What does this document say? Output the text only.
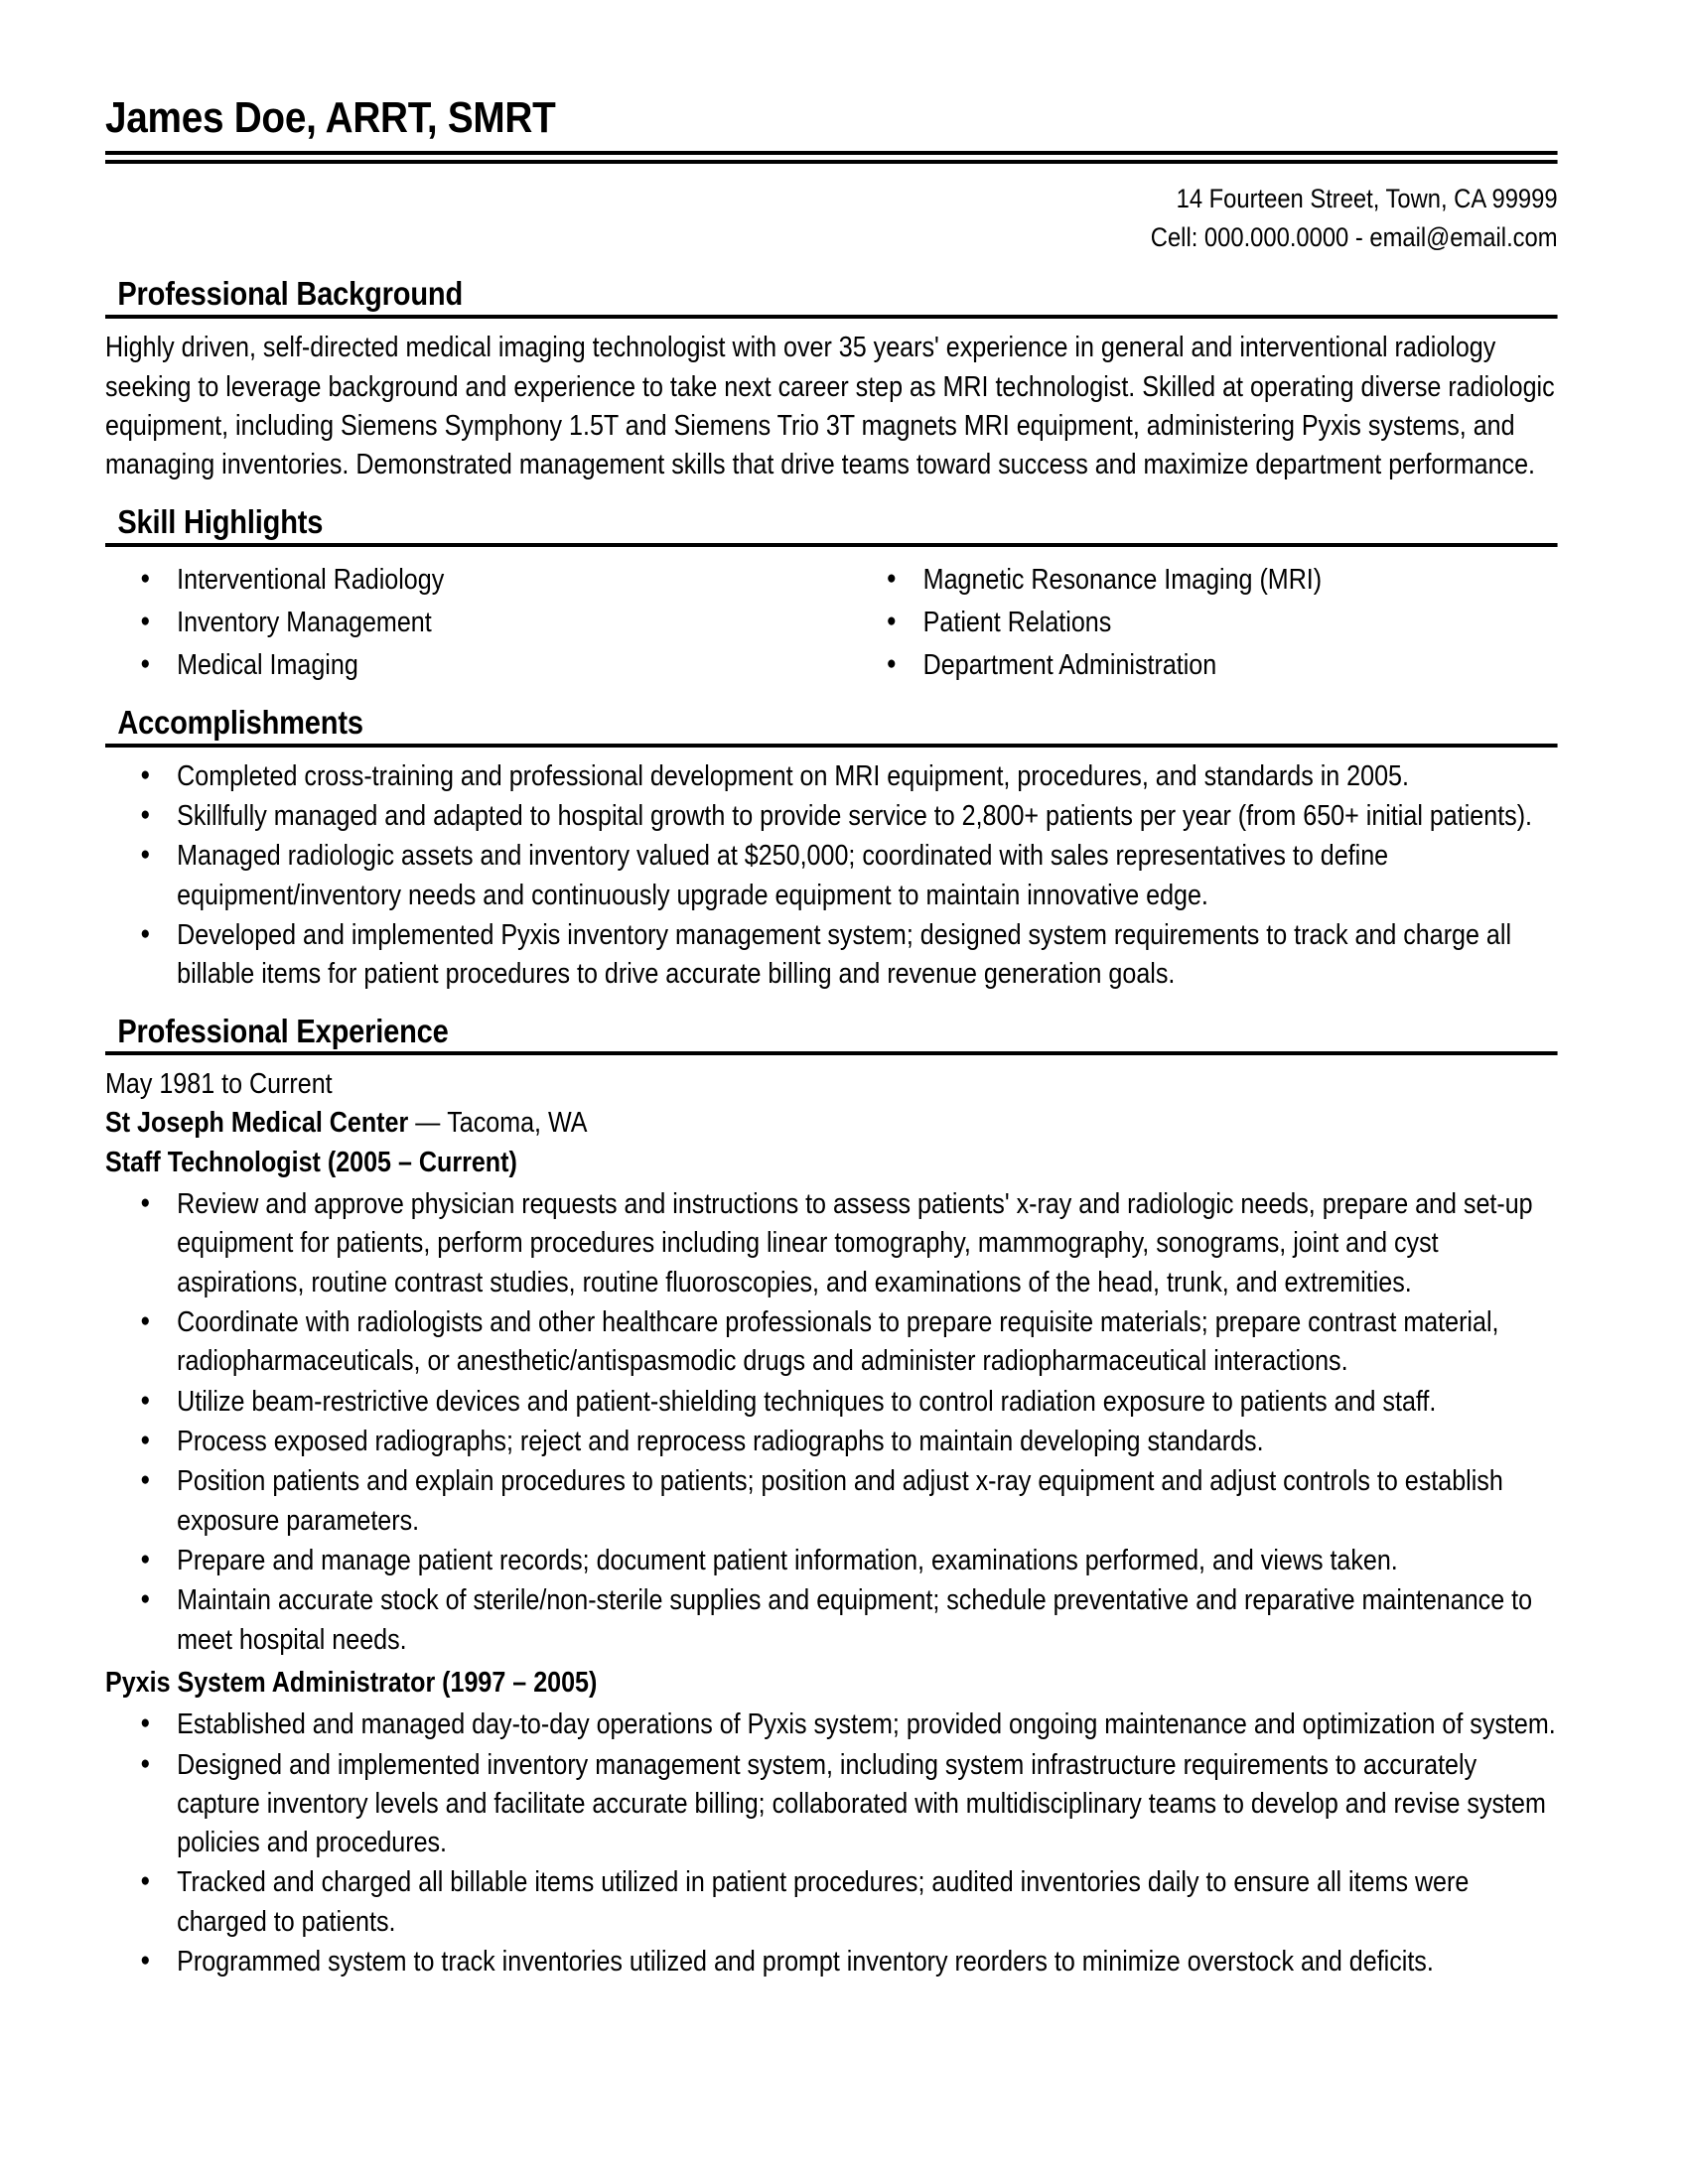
James Doe, ARRT, SMRT
14 Fourteen Street, Town, CA 99999
Cell: 000.000.0000 - email@email.com
Professional Background

Highly driven, self-directed medical imaging technologist with over 35 years' experience in general and interventional radiology seeking to leverage background and experience to take next career step as MRI technologist. Skilled at operating diverse radiologic equipment, including Siemens Symphony 1.5T and Siemens Trio 3T magnets MRI equipment, administering Pyxis systems, and managing inventories. Demonstrated management skills that drive teams toward success and maximize department performance.

Skill Highlights
● Interventional Radiology
● Inventory Management
● Medical Imaging
● Magnetic Resonance Imaging (MRI)
● Patient Relations
● Department Administration
Accomplishments
● Completed cross-training and professional development on MRI equipment, procedures, and standards in 2005.
● Skillfully managed and adapted to hospital growth to provide service to 2,800+ patients per year (from 650+ initial patients).
● Managed radiologic assets and inventory valued at $250,000; coordinated with sales representatives to define equipment/inventory needs and continuously upgrade equipment to maintain innovative edge.
● Developed and implemented Pyxis inventory management system; designed system requirements to track and charge all billable items for patient procedures to drive accurate billing and revenue generation goals.
Professional Experience
May 1981 to Current
St Joseph Medical Center — Tacoma, WA
Staff Technologist (2005 – Current)
● Review and approve physician requests and instructions to assess patients' x-ray and radiologic needs, prepare and set-up equipment for patients, perform procedures including linear tomography, mammography, sonograms, joint and cyst aspirations, routine contrast studies, routine fluoroscopies, and examinations of the head, trunk, and extremities.
● Coordinate with radiologists and other healthcare professionals to prepare requisite materials; prepare contrast material, radiopharmaceuticals, or anesthetic/antispasmodic drugs and administer radiopharmaceutical interactions.
● Utilize beam-restrictive devices and patient-shielding techniques to control radiation exposure to patients and staff.
● Process exposed radiographs; reject and reprocess radiographs to maintain developing standards.
● Position patients and explain procedures to patients; position and adjust x-ray equipment and adjust controls to establish exposure parameters.
● Prepare and manage patient records; document patient information, examinations performed, and views taken.
● Maintain accurate stock of sterile/non-sterile supplies and equipment; schedule preventative and reparative maintenance to meet hospital needs.
Pyxis System Administrator (1997 – 2005)
● Established and managed day-to-day operations of Pyxis system; provided ongoing maintenance and optimization of system.
● Designed and implemented inventory management system, including system infrastructure requirements to accurately capture inventory levels and facilitate accurate billing; collaborated with multidisciplinary teams to develop and revise system policies and procedures.
● Tracked and charged all billable items utilized in patient procedures; audited inventories daily to ensure all items were charged to patients.
● Programmed system to track inventories utilized and prompt inventory reorders to minimize overstock and deficits.
